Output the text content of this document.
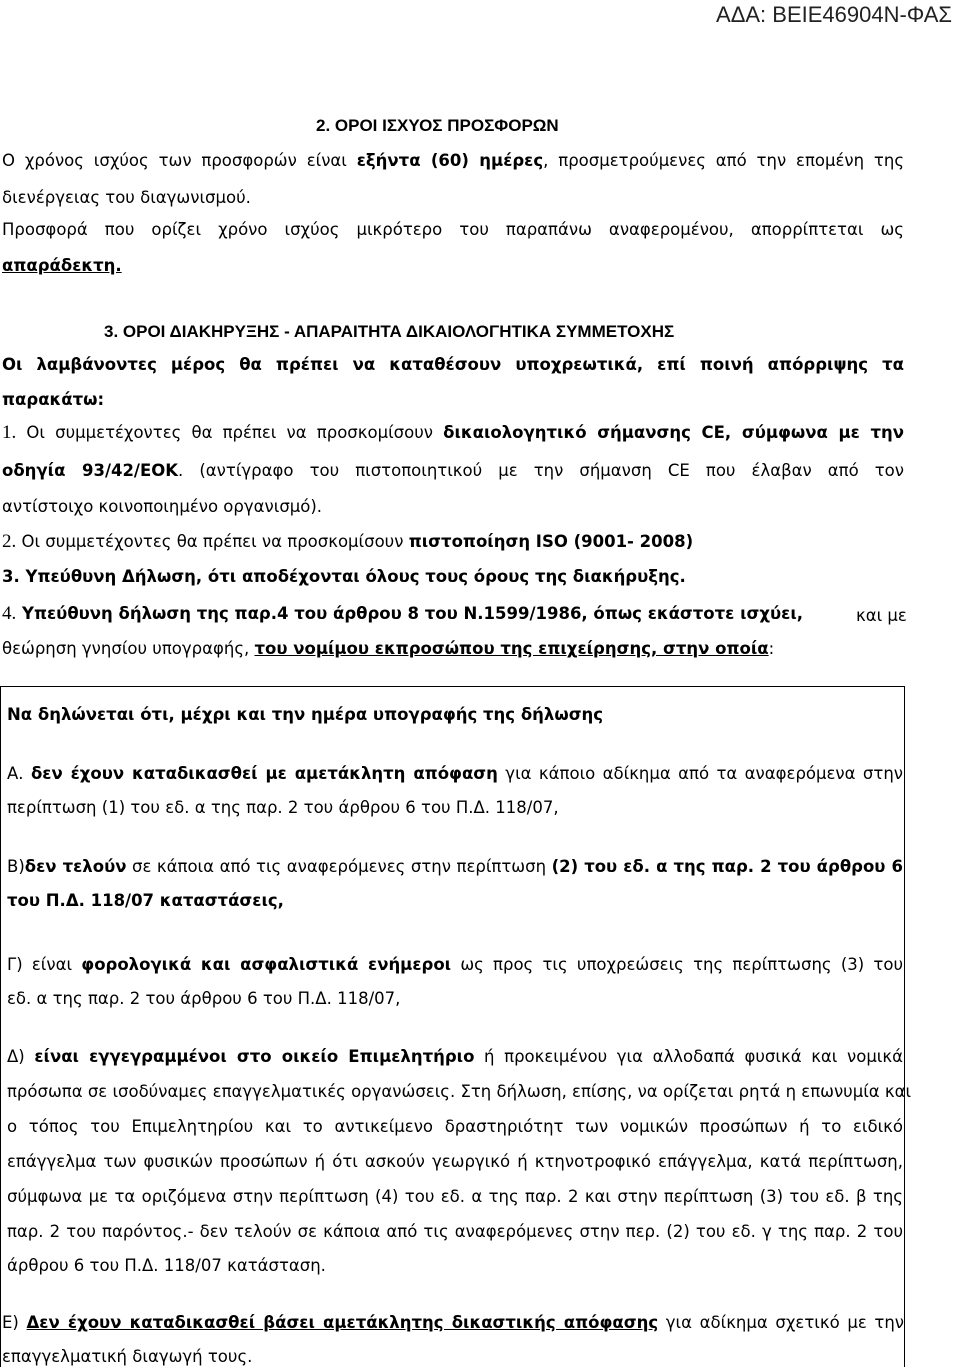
ΑΔΑ: ΒΕΙΕ46904Ν-ΦΑΣ
2. ΟΡΟΙ ΙΣΧΥΟΣ ΠΡΟΣΦΟΡΩΝ
Ο χρόνος ισχύος των προσφορών είναι εξήντα (60) ημέρες, προσμετρούμενες από την επομένη της
διενέργειας του διαγωνισμού.
Προσφορά που ορίζει χρόνο ισχύος μικρότερο του παραπάνω αναφερομένου, απορρίπτεται ως
απαράδεκτη.
3. ΟΡΟΙ ΔΙΑΚΗΡΥΞΗΣ - ΑΠΑΡΑΙΤΗΤΑ ΔΙΚΑΙΟΛΟΓΗΤΙΚΑ ΣΥΜΜΕΤΟΧΗΣ
Οι λαμβάνοντες μέρος θα πρέπει να καταθέσουν υποχρεωτικά, επί ποινή απόρριψης τα
παρακάτω:
1. Οι συμμετέχοντες θα πρέπει να προσκομίσουν δικαιολογητικό σήμανσης CE, σύμφωνα με την
οδηγία 93/42/ΕΟΚ. (αντίγραφο του πιστοποιητικού με την σήμανση CE που έλαβαν από τον
αντίστοιχο κοινοποιημένο οργανισμό).
2. Οι συμμετέχοντες θα πρέπει να προσκομίσουν πιστοποίηση ISO (9001- 2008)
3. Υπεύθυνη Δήλωση, ότι αποδέχονται όλους τους όρους της διακήρυξης.
4. Υπεύθυνη δήλωση της παρ.4 του άρθρου 8 του Ν.1599/1986, όπως εκάστοτε ισχύει,	και με
θεώρηση γνησίου υπογραφής, του νομίμου εκπροσώπου της επιχείρησης, στην οποία:
Να δηλώνεται ότι, μέχρι και την ημέρα υπογραφής της δήλωσης
Α. δεν έχουν καταδικασθεί με αμετάκλητη απόφαση για κάποιο αδίκημα από τα αναφερόμενα στην
περίπτωση (1) του εδ. α της παρ. 2 του άρθρου 6 του Π.Δ. 118/07,
Β)δεν τελούν σε κάποια από τις αναφερόμενες στην περίπτωση (2) του εδ. α της παρ. 2 του άρθρου 6
του Π.Δ. 118/07 καταστάσεις,
Γ) είναι φορολογικά και ασφαλιστικά ενήμεροι ως προς τις υποχρεώσεις της περίπτωσης (3) του
εδ. α της παρ. 2 του άρθρου 6 του Π.Δ. 118/07,
Δ) είναι εγγεγραμμένοι στο οικείο Επιμελητήριο ή προκειμένου για αλλοδαπά φυσικά και νομικά
πρόσωπα σε ισοδύναμες επαγγελματικές οργανώσεις. Στη δήλωση, επίσης, να ορίζεται ρητά η επωνυμία και
ο τόπος του Επιμελητηρίου και το αντικείμενο δραστηριότητ των νομικών προσώπων ή το ειδικό
επάγγελμα των φυσικών προσώπων ή ότι ασκούν γεωργικό ή κτηνοτροφικό επάγγελμα, κατά περίπτωση,
σύμφωνα με τα οριζόμενα στην περίπτωση (4) του εδ. α της παρ. 2 και στην περίπτωση (3) του εδ. β της
παρ. 2 του παρόντος.- δεν τελούν σε κάποια από τις αναφερόμενες στην περ. (2) του εδ. γ της παρ. 2 του
άρθρου 6 του Π.Δ. 118/07 κατάσταση.
Ε) Δεν έχουν καταδικασθεί βάσει αμετάκλητης δικαστικής απόφασης για αδίκημα σχετικό με την
επαγγελματική διαγωγή τους.
